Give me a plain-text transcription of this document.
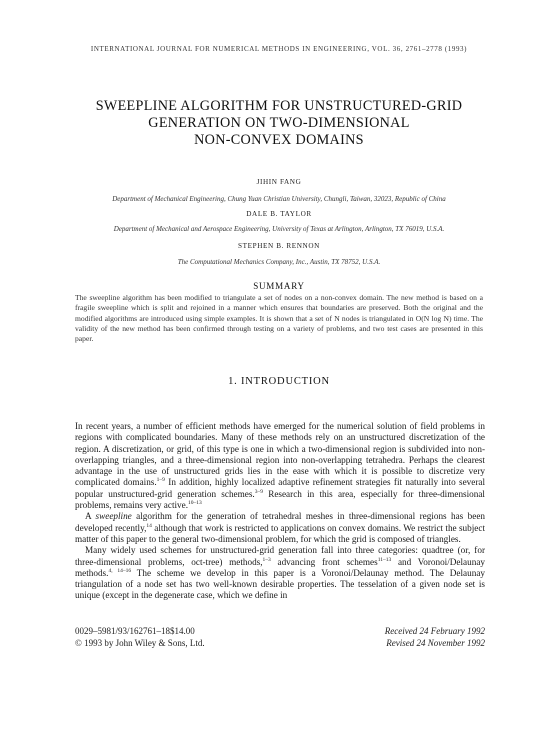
INTERNATIONAL JOURNAL FOR NUMERICAL METHODS IN ENGINEERING, VOL. 36, 2761–2778 (1993)
SWEEPLINE ALGORITHM FOR UNSTRUCTURED-GRID
GENERATION ON TWO-DIMENSIONAL
NON-CONVEX DOMAINS
JIHIN FANG
Department of Mechanical Engineering, Chung Yuan Christian University, Chungli, Taiwan, 32023, Republic of China
DALE B. TAYLOR
Department of Mechanical and Aerospace Engineering, University of Texas at Arlington, Arlington, TX 76019, U.S.A.
STEPHEN B. RENNON
The Computational Mechanics Company, Inc., Austin, TX 78752, U.S.A.
SUMMARY
The sweepline algorithm has been modified to triangulate a set of nodes on a non-convex domain. The new method is based on a fragile sweepline which is split and rejoined in a manner which ensures that boundaries are preserved. Both the original and the modified algorithms are introduced using simple examples. It is shown that a set of N nodes is triangulated in O(N log N) time. The validity of the new method has been confirmed through testing on a variety of problems, and two test cases are presented in this paper.
1. INTRODUCTION

In recent years, a number of efficient methods have emerged for the numerical solution of field problems in regions with complicated boundaries. Many of these methods rely on an unstructured discretization of the region. A discretization, or grid, of this type is one in which a two-dimensional region is subdivided into non-overlapping triangles, and a three-dimensional region into non-overlapping tetrahedra. Perhaps the clearest advantage in the use of unstructured grids lies in the ease with which it is possible to discretize very complicated domains.$^{1-9}$ In addition, highly localized adaptive refinement strategies fit naturally into several popular unstructured-grid generation schemes.$^{3-9}$ Research in this area, especially for three-dimensional problems, remains very active.$^{10-13}$

A sweepline algorithm for the generation of tetrahedral meshes in three-dimensional regions has been developed recently,$^{14}$ although that work is restricted to applications on convex domains. We restrict the subject matter of this paper to the general two-dimensional problem, for which the grid is composed of triangles.

Many widely used schemes for unstructured-grid generation fall into three categories: quadtree (or, for three-dimensional problems, oct-tree) methods,$^{1-3}$ advancing front schemes$^{11-13}$ and Voronoi/Delaunay methods.$^{4, 14-16}$ The scheme we develop in this paper is a Voronoi/Delaunay method. The Delaunay triangulation of a node set has two well-known desirable properties. The tesselation of a given node set is unique (except in the degenerate case, which we define in

0029–5981/93/162761–18$14.00
© 1993 by John Wiley & Sons, Ltd.
Received 24 February 1992
Revised 24 November 1992
